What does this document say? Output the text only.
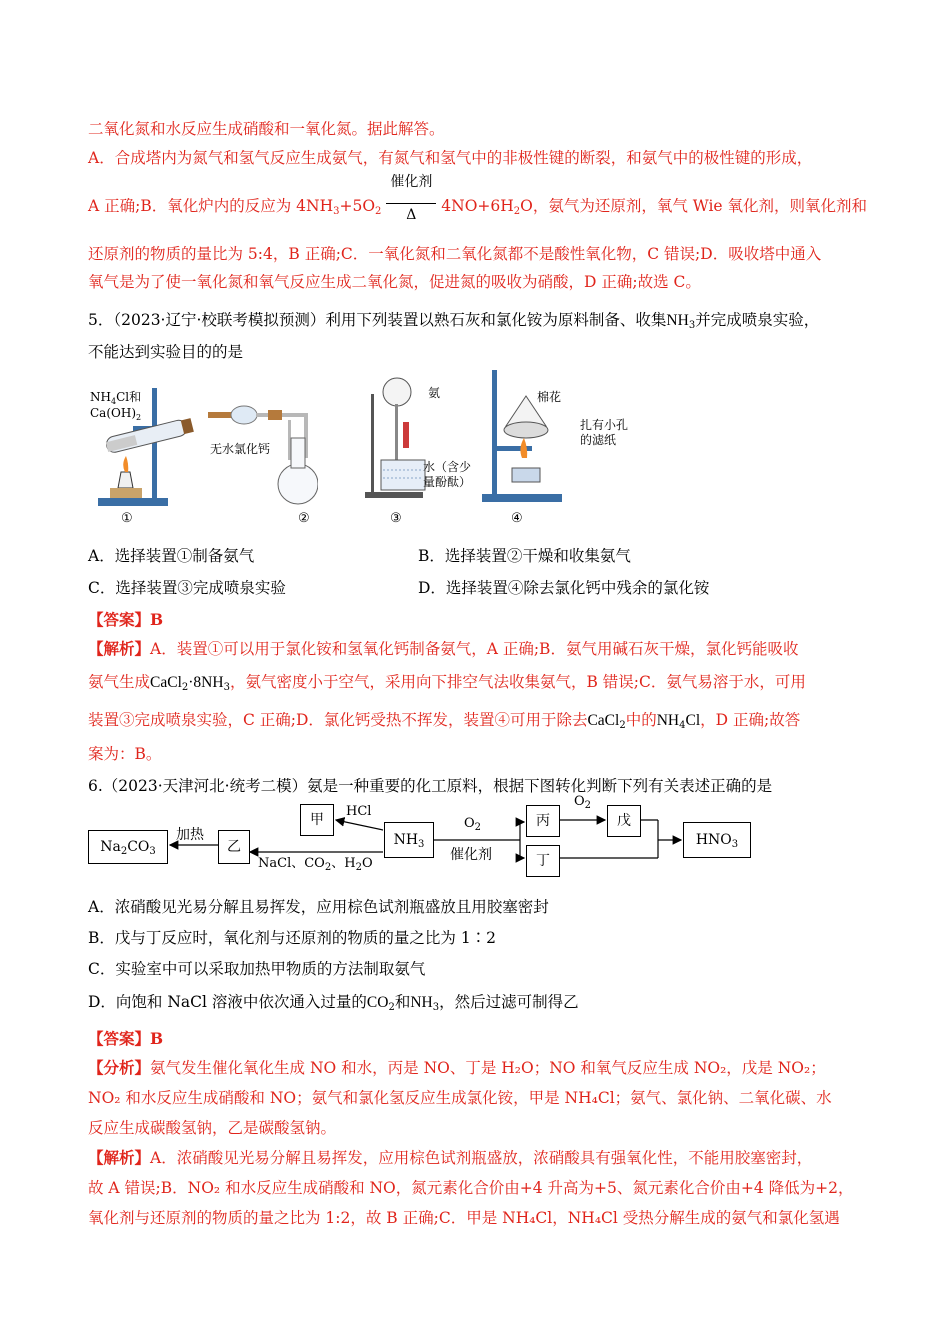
二氧化氮和水反应生成硝酸和一氧化氮。据此解答。
A．合成塔内为氮气和氢气反应生成氨气，有氮气和氢气中的非极性键的断裂，和氨气中的极性键的形成，
A 正确;B．氧化炉内的反应为 $4NH_3+5O_2$
$\frac{\text{催化剂}}{\Delta} 4NO+6H_2O$，氨气为还原剂，氧气 Wie 氧化剂，则氧化剂和
还原剂的物质的量比为 5:4，B 正确;C．一氧化氮和二氧化氮都不是酸性氧化物，C 错误;D．吸收塔中通入
氧气是为了使一氧化氮和氧气反应生成二氧化氮，促进氮的吸收为硝酸，D 正确;故选 C。
5．（2023·辽宁·校联考模拟预测）利用下列装置以熟石灰和氯化铵为原料制备、收集$NH_3$并完成喷泉实验，
不能达到实验目的的是
$NH_4Cl$和
$Ca(OH)_2$
无水氯化钙
氨
水（含少
量酚酞）
棉花
扎有小孔
的滤纸
①	②	③	④
A．选择装置①制备氨气	B．选择装置②干燥和收集氨气
C．选择装置③完成喷泉实验	D．选择装置④除去氯化钙中残余的氯化铵
【答案】B
【解析】A．装置①可以用于氯化铵和氢氧化钙制备氨气，A 正确;B．氨气用碱石灰干燥，氯化钙能吸收
氨气生成$CaCl_2\cdot 8NH_3$，氨气密度小于空气，采用向下排空气法收集氨气，B 错误;C．氨气易溶于水，可用
装置③完成喷泉实验，C 正确;D．氯化钙受热不挥发，装置④可用于除去CaCl$_2$中的$NH_4Cl$，D 正确;故答
案为：B。
6.（2023·天津河北·统考二模）氨是一种重要的化工原料，根据下图转化判断下列有关表述正确的是
$Na_2CO_3$
加热
乙
甲
HCl
$NH_3$
NaCl、$CO_2$、$H_2O$
$O_2$
催化剂
丙
$O_2$
戊
丁
$HNO_3$
A．浓硝酸见光易分解且易挥发，应用棕色试剂瓶盛放且用胶塞密封
B．戊与丁反应时，氧化剂与还原剂的物质的量之比为 1∶2
C．实验室中可以采取加热甲物质的方法制取氨气
D．向饱和 NaCl 溶液中依次通入过量的$CO_2$和$NH_3$，然后过滤可制得乙
【答案】B
【分析】氨气发生催化氧化生成 NO 和水，丙是 NO、丁是 H₂O；NO 和氧气反应生成 NO₂，戊是 NO₂；
NO₂ 和水反应生成硝酸和 NO；氨气和氯化氢反应生成氯化铵，甲是 NH₄Cl；氨气、氯化钠、二氧化碳、水
反应生成碳酸氢钠，乙是碳酸氢钠。
【解析】A．浓硝酸见光易分解且易挥发，应用棕色试剂瓶盛放，浓硝酸具有强氧化性，不能用胶塞密封，
故 A 错误;B．NO₂ 和水反应生成硝酸和 NO，氮元素化合价由+4 升高为+5、氮元素化合价由+4 降低为+2，
氧化剂与还原剂的物质的量之比为 1:2，故 B 正确;C．甲是 NH₄Cl，NH₄Cl 受热分解生成的氨气和氯化氢遇
